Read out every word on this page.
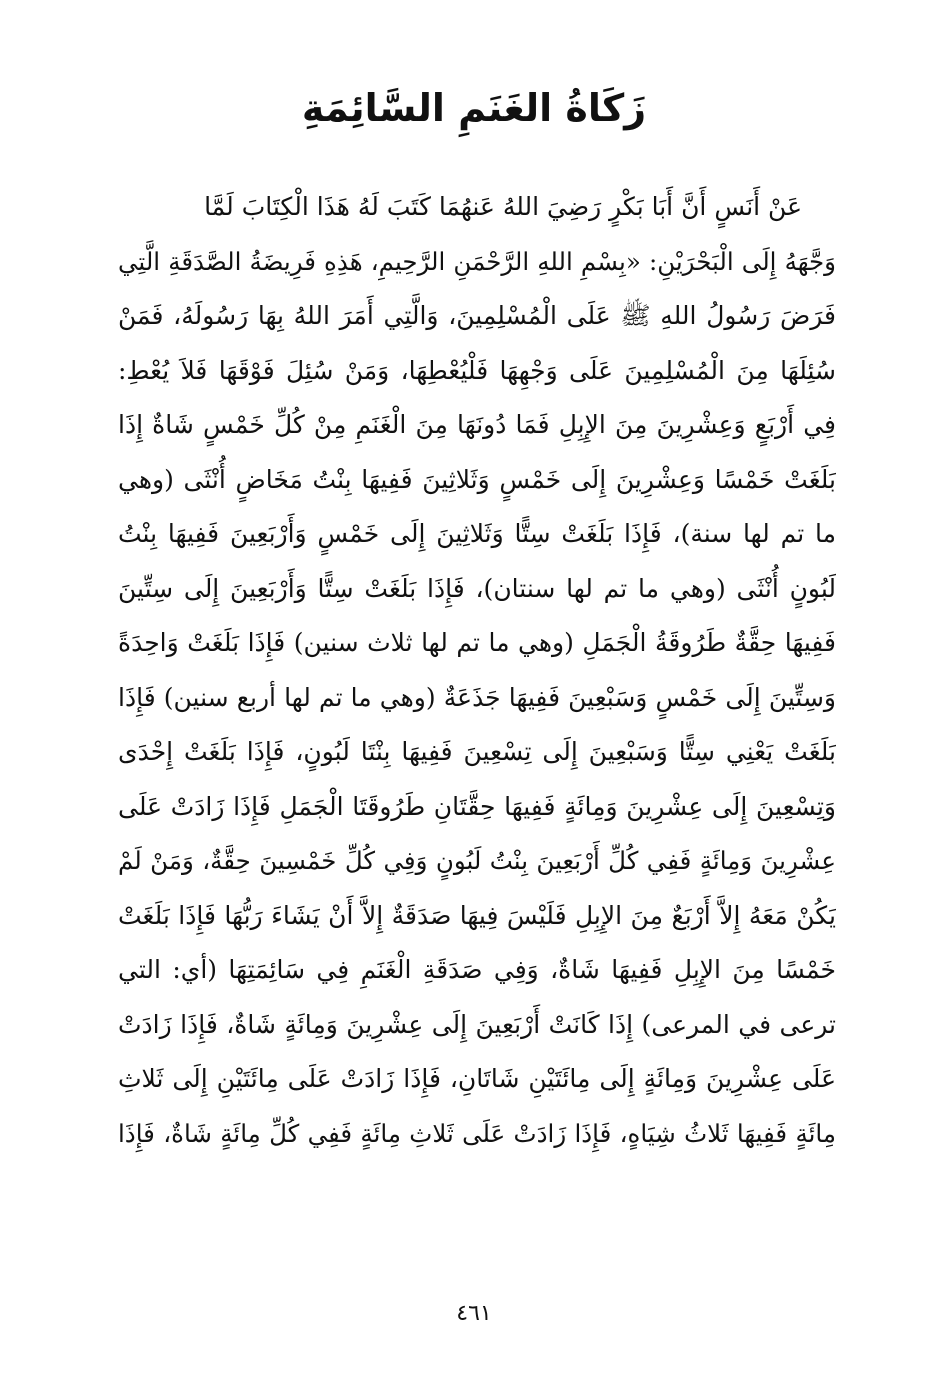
زَكَاةُ الغَنَمِ السَّائِمَةِ
عَنْ أَنَسٍ أَنَّ أَبَا بَكْرٍ رَضِيَ اللهُ عَنهُمَا كَتَبَ لَهُ هَذَا الْكِتَابَ لَمَّا
وَجَّهَهُ إِلَى الْبَحْرَيْنِ: «بِسْمِ اللهِ الرَّحْمَنِ الرَّحِيمِ، هَذِهِ فَرِيضَةُ الصَّدَقَةِ الَّتِي
فَرَضَ رَسُولُ اللهِ ﷺ عَلَى الْمُسْلِمِينَ، وَالَّتِي أَمَرَ اللهُ بِهَا رَسُولَهُ، فَمَنْ
سُئِلَهَا مِنَ الْمُسْلِمِينَ عَلَى وَجْهِهَا فَلْيُعْطِهَا، وَمَنْ سُئِلَ فَوْقَهَا فَلاَ يُعْطِ:
فِي أَرْبَعٍ وَعِشْرِينَ مِنَ الإِبِلِ فَمَا دُونَهَا مِنَ الْغَنَمِ مِنْ كُلِّ خَمْسٍ شَاةٌ إِذَا
بَلَغَتْ خَمْسًا وَعِشْرِينَ إِلَى خَمْسٍ وَثَلاثِينَ فَفِيهَا بِنْتُ مَخَاضٍ أُنْثَى (وهي
ما تم لها سنة)، فَإِذَا بَلَغَتْ سِتًّا وَثَلاثِينَ إِلَى خَمْسٍ وَأَرْبَعِينَ فَفِيهَا بِنْتُ
لَبُونٍ أُنْثَى (وهي ما تم لها سنتان)، فَإِذَا بَلَغَتْ سِتًّا وَأَرْبَعِينَ إِلَى سِتِّينَ
فَفِيهَا حِقَّةٌ طَرُوقَةُ الْجَمَلِ (وهي ما تم لها ثلاث سنين) فَإِذَا بَلَغَتْ وَاحِدَةً
وَسِتِّينَ إِلَى خَمْسٍ وَسَبْعِينَ فَفِيهَا جَذَعَةٌ (وهي ما تم لها أربع سنين) فَإِذَا
بَلَغَتْ يَعْنِي سِتًّا وَسَبْعِينَ إِلَى تِسْعِينَ فَفِيهَا بِنْتَا لَبُونٍ، فَإِذَا بَلَغَتْ إِحْدَى
وَتِسْعِينَ إِلَى عِشْرِينَ وَمِائَةٍ فَفِيهَا حِقَّتَانِ طَرُوقَتَا الْجَمَلِ فَإِذَا زَادَتْ عَلَى
عِشْرِينَ وَمِائَةٍ فَفِي كُلِّ أَرْبَعِينَ بِنْتُ لَبُونٍ وَفِي كُلِّ خَمْسِينَ حِقَّةٌ، وَمَنْ لَمْ
يَكُنْ مَعَهُ إِلاَّ أَرْبَعٌ مِنَ الإِبِلِ فَلَيْسَ فِيهَا صَدَقَةٌ إِلاَّ أَنْ يَشَاءَ رَبُّهَا فَإِذَا بَلَغَتْ
خَمْسًا مِنَ الإِبِلِ فَفِيهَا شَاةٌ، وَفِي صَدَقَةِ الْغَنَمِ فِي سَائِمَتِهَا (أي: التي
ترعى في المرعى) إِذَا كَانَتْ أَرْبَعِينَ إِلَى عِشْرِينَ وَمِائَةٍ شَاةٌ، فَإِذَا زَادَتْ
عَلَى عِشْرِينَ وَمِائَةٍ إِلَى مِائَتَيْنِ شَاتَانِ، فَإِذَا زَادَتْ عَلَى مِائَتَيْنِ إِلَى ثَلاثِ
مِائَةٍ فَفِيهَا ثَلاثُ شِيَاهٍ، فَإِذَا زَادَتْ عَلَى ثَلاثِ مِائَةٍ فَفِي كُلِّ مِائَةٍ شَاةٌ، فَإِذَا
٤٦١
